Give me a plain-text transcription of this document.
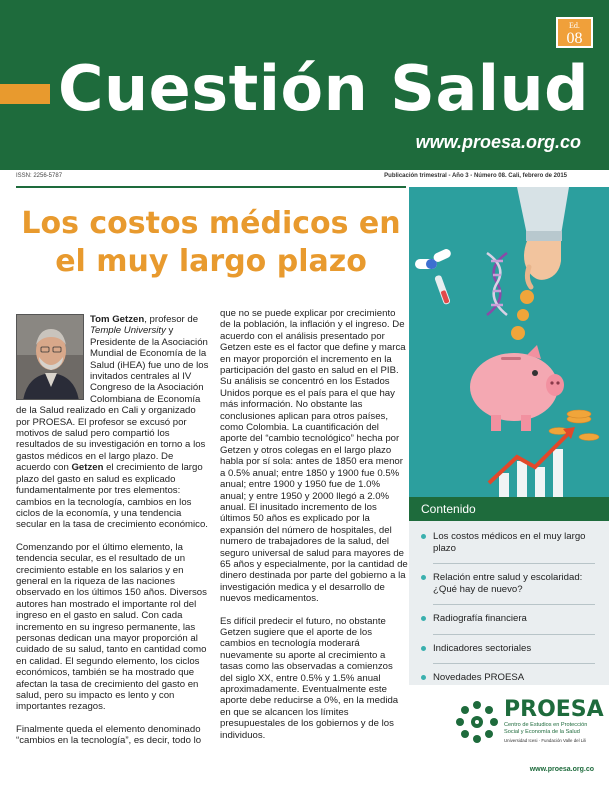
Ed.
08
Cuestión Salud
www.proesa.org.co
ISSN: 2256-5787	Publicación trimestral - Año 3 - Número 08. Cali, febrero de 2015
Los costos médicos en
el muy largo plazo

Tom Getzen, profesor de Temple University y Presidente de la Asociación Mundial de Economía de la Salud (iHEA) fue uno de los invitados centrales al IV Congreso de la Asociación Colombiana de Economía de la Salud realizado en Cali y organizado por PROESA. El profesor se excusó por motivos de salud pero compartió los resultados de su investigación en torno a los gastos médicos en el largo plazo. De acuerdo con Getzen el crecimiento de largo plazo del gasto en salud es explicado fundamentalmente por tres elementos: cambios en la tecnología, cambios en los ciclos de la economía, y una tendencia secular en la tasa de crecimiento económico.

Comenzando por el último elemento, la tendencia secular, es el resultado de un crecimiento estable en los salarios y en general en la riqueza de las naciones observado en los últimos 150 años. Diversos autores han mostrado el importante rol del ingreso en el gasto en salud. Con cada incremento en su ingreso permanente, las personas dedican una mayor proporción al cuidado de su salud, tanto en cantidad como en calidad. El segundo elemento, los ciclos económicos, también se ha mostrado que afectan la tasa de crecimiento del gasto en salud, pero su impacto es lento y con importantes rezagos.

Finalmente queda el elemento denominado “cambios en la tecnología”, es decir, todo lo

que no se puede explicar por crecimiento de la población, la inflación y el ingreso. De acuerdo con el análisis presentado por Getzen este es el factor que define y marca en mayor proporción el incremento en la participación del gasto en salud en el PIB. Su análisis se concentró en los Estados Unidos porque es el país para el que hay más información. No obstante las conclusiones aplican para otros países, como Colombia. La cuantificación del aporte del “cambio tecnológico” hecha por Getzen y otros colegas en el largo plazo habla por sí sola: antes de 1850 era menor a 0.5% anual; entre 1850 y 1900 fue 0.5% anual; entre 1900 y 1950 fue de 1.0% anual; y entre 1950 y 2000 llegó a 2.0% anual. El inusitado incremento de los últimos 50 años es explicado por la expansión del número de hospitales, del numero de trabajadores de la salud, del seguro universal de salud para mayores de 65 años y especialmente, por la cantidad de dinero destinada por parte del gobierno a la investigación medica y el desarrollo de nuevos medicamentos.

Es difícil predecir el futuro, no obstante Getzen sugiere que el aporte de los cambios en tecnología moderará nuevamente su aporte al crecimiento a tasas como las observadas a comienzos del siglo XX, entre 0.5% y 1.5% anual aproximadamente. Eventualmente este aporte debe reducirse a 0%, en la medida en que se alcancen los límites presupuestales de los gobiernos y de los individuos.

Contenido
Los costos médicos en el muy largo plazo
Relación entre salud y escolaridad: ¿Qué hay de nuevo?
Radiografía financiera
Indicadores sectoriales
Novedades PROESA
PROESA
Centro de Estudios en Protección Social y Economía de la Salud
Universidad Icesi · Fundación Valle del Lili
www.proesa.org.co
